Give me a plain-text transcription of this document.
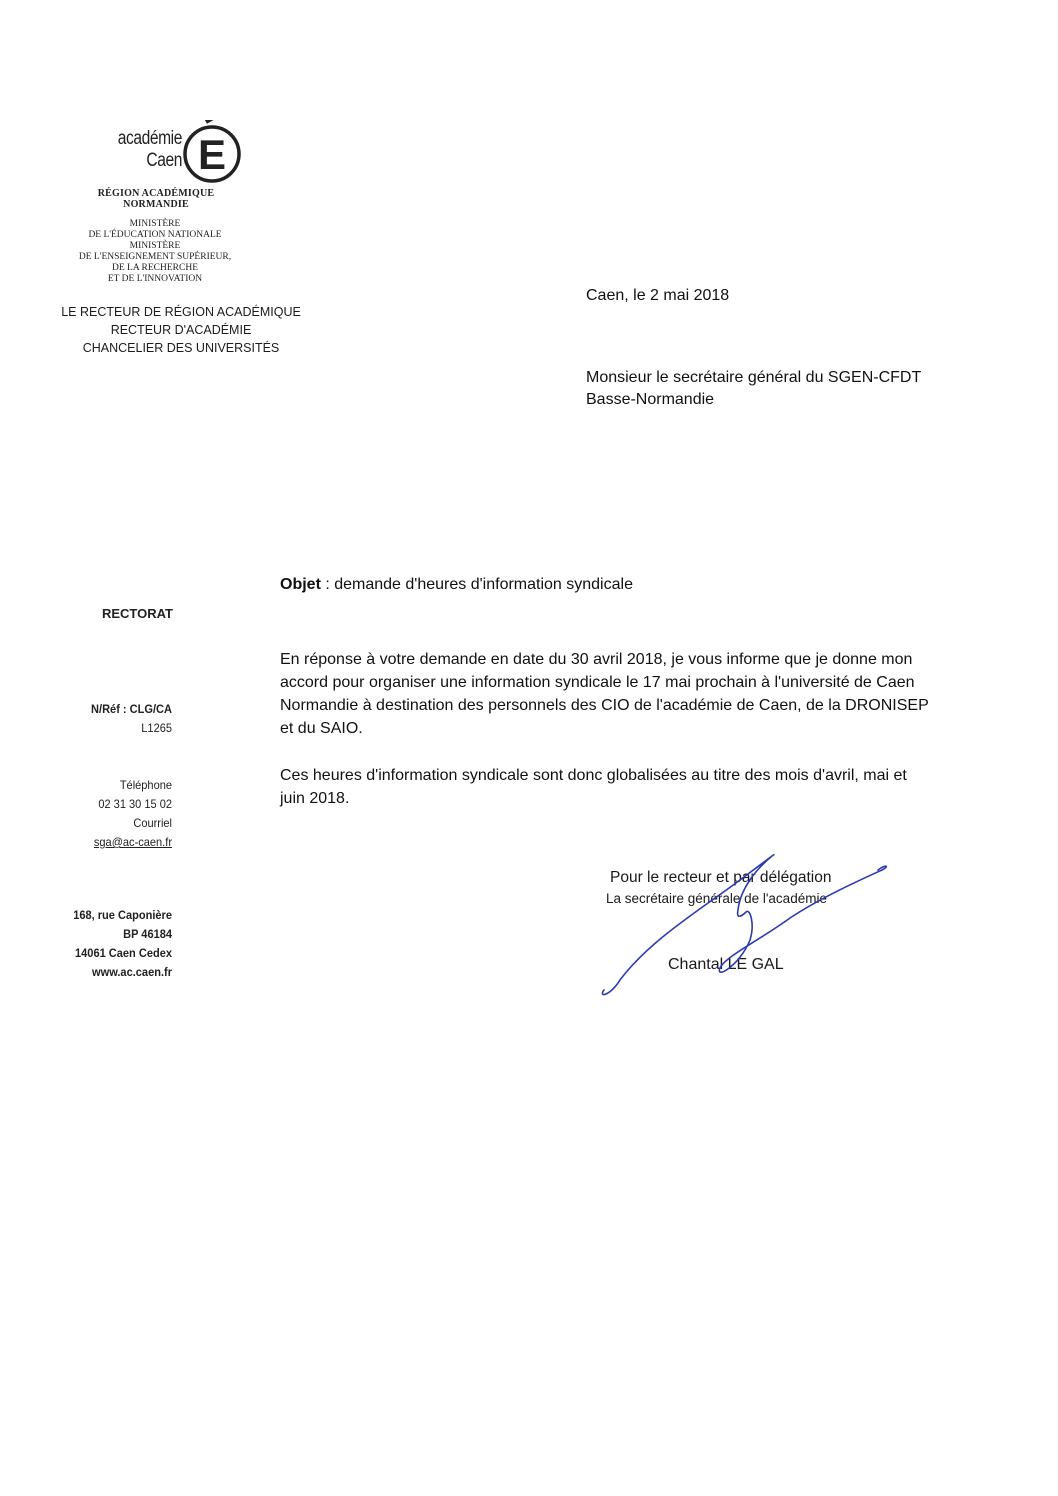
académie
Caen E
RÉGION ACADÉMIQUE
NORMANDIE
MINISTÈRE
DE L'ÉDUCATION NATIONALE
MINISTÈRE
DE L'ENSEIGNEMENT SUPÉRIEUR,
DE LA RECHERCHE
ET DE L'INNOVATION
LE RECTEUR DE RÉGION ACADÉMIQUE
RECTEUR D'ACADÉMIE
CHANCELIER DES UNIVERSITÉS
Caen, le 2 mai 2018
Monsieur le secrétaire général du SGEN-CFDT
Basse-Normandie
Objet : demande d'heures d'information syndicale
RECTORAT
N/Réf : CLG/CA
L1265
Téléphone
02 31 30 15 02
Courriel
sga@ac-caen.fr
168, rue Caponière
BP 46184
14061 Caen Cedex
www.ac.caen.fr
En réponse à votre demande en date du 30 avril 2018, je vous informe que je donne mon
accord pour organiser une information syndicale le 17 mai prochain à l'université de Caen
Normandie à destination des personnels des CIO de l'académie de Caen, de la DRONISEP
et du SAIO.
Ces heures d'information syndicale sont donc globalisées au titre des mois d'avril, mai et
juin 2018.
Pour le recteur et par délégation
La secrétaire générale de l'académie
Chantal LE GAL
